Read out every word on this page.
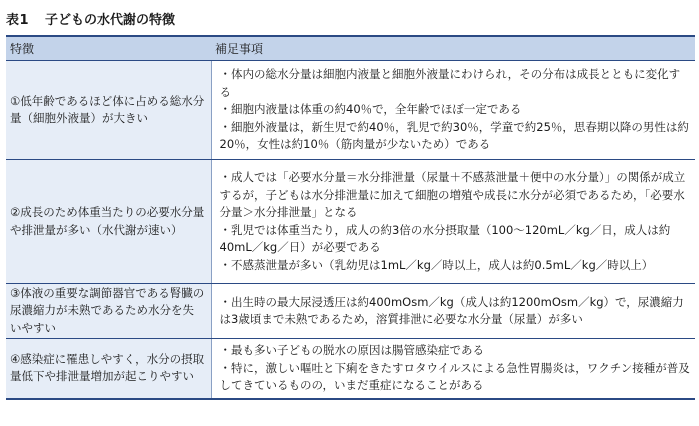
表1 子どもの水代謝の特徴
特徴	補足事項
①低年齢であるほど体に占める総水分量（細胞外液量）が大きい	・体内の総水分量は細胞内液量と細胞外液量にわけられ，その分布は成長とともに変化する
・細胞内液量は体重の約40％で，全年齢でほぼ一定である
・細胞外液量は，新生児で約40％，乳児で約30％，学童で約25％，思春期以降の男性は約20％，女性は約10％（筋肉量が少ないため）である

②成長のため体重当たりの必要水分量や排泄量が多い（水代謝が速い）	・成人では「必要水分量＝水分排泄量（尿量＋不感蒸泄量＋便中の水分量）」の関係が成立するが，子どもは水分排泄量に加えて細胞の増殖や成長に水分が必須であるため，「必要水分量＞水分排泄量」となる
・乳児では体重当たり，成人の約3倍の水分摂取量（100〜120mL／kg／日，成人は約40mL／kg／日）が必要である
・不感蒸泄量が多い（乳幼児は1mL／kg／時以上，成人は約0.5mL／kg／時以上）

③体液の重要な調節器官である腎臓の尿濃縮力が未熟であるため水分を失いやすい	・出生時の最大尿浸透圧は約400mOsm／kg（成人は約1200mOsm／kg）で，尿濃縮力は3歳頃まで未熟であるため，溶質排泄に必要な水分量（尿量）が多い

④感染症に罹患しやすく，水分の摂取量低下や排泄量増加が起こりやすい	・最も多い子どもの脱水の原因は腸管感染症である
・特に，激しい嘔吐と下痢をきたすロタウイルスによる急性胃腸炎は，ワクチン接種が普及してきているものの，いまだ重症になることがある
